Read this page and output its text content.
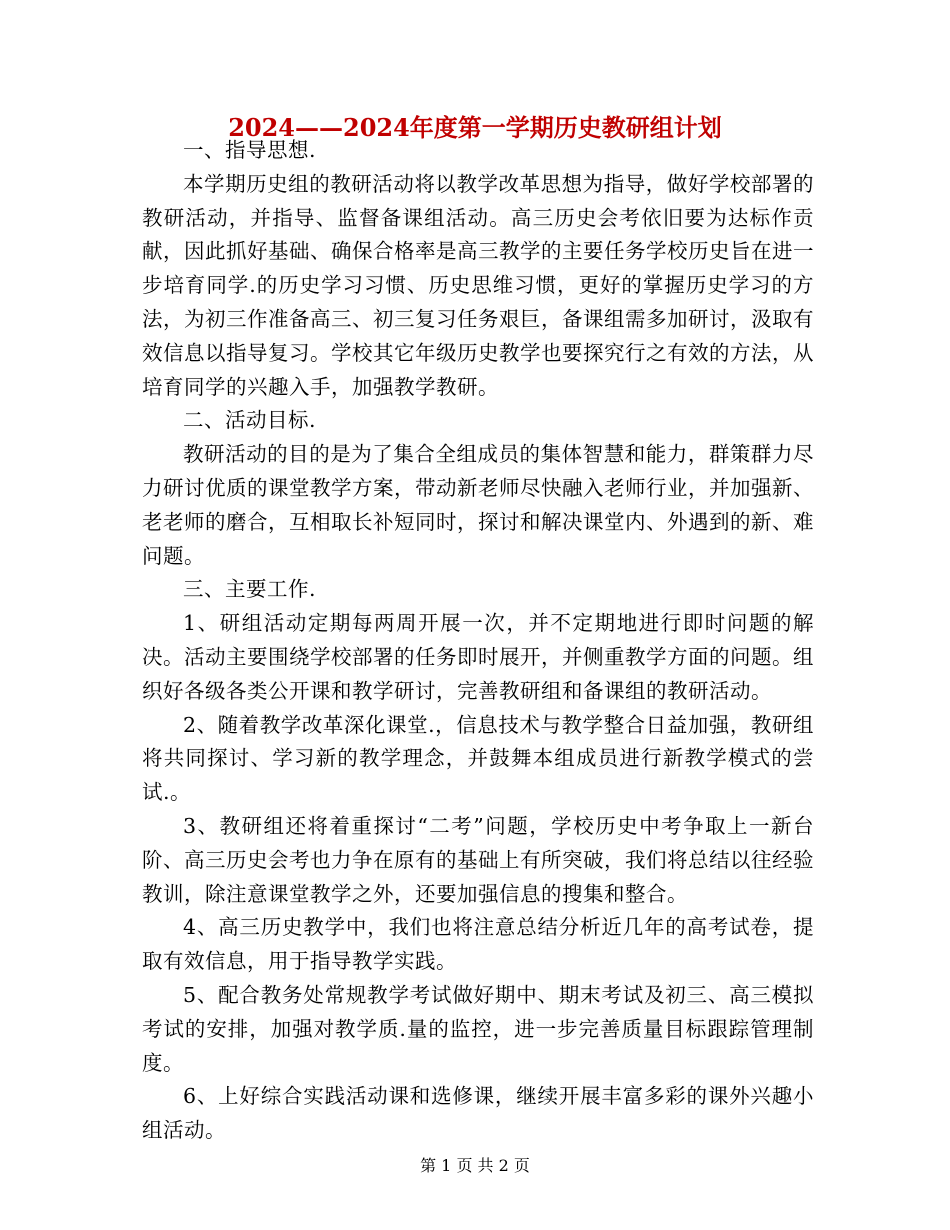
2024——2024年度第一学期历史教研组计划

一、指导思想.

本学期历史组的教研活动将以教学改革思想为指导，做好学校部署的教研活动，并指导、监督备课组活动。高三历史会考依旧要为达标作贡献，因此抓好基础、确保合格率是高三教学的主要任务学校历史旨在进一步培育同学.的历史学习习惯、历史思维习惯，更好的掌握历史学习的方法，为初三作准备高三、初三复习任务艰巨，备课组需多加研讨，汲取有效信息以指导复习。学校其它年级历史教学也要探究行之有效的方法，从培育同学的兴趣入手，加强教学教研。

二、活动目标.

教研活动的目的是为了集合全组成员的集体智慧和能力，群策群力尽力研讨优质的课堂教学方案，带动新老师尽快融入老师行业，并加强新、老老师的磨合，互相取长补短同时，探讨和解决课堂内、外遇到的新、难问题。

三、主要工作.

1、研组活动定期每两周开展一次，并不定期地进行即时问题的解决。活动主要围绕学校部署的任务即时展开，并侧重教学方面的问题。组织好各级各类公开课和教学研讨，完善教研组和备课组的教研活动。

2、随着教学改革深化课堂.，信息技术与教学整合日益加强，教研组将共同探讨、学习新的教学理念，并鼓舞本组成员进行新教学模式的尝试.。

3、教研组还将着重探讨“二考”问题，学校历史中考争取上一新台阶、高三历史会考也力争在原有的基础上有所突破，我们将总结以往经验教训，除注意课堂教学之外，还要加强信息的搜集和整合。

4、高三历史教学中，我们也将注意总结分析近几年的高考试卷，提取有效信息，用于指导教学实践。

5、配合教务处常规教学考试做好期中、期末考试及初三、高三模拟考试的安排，加强对教学质.量的监控，进一步完善质量目标跟踪管理制度。

6、上好综合实践活动课和选修课，继续开展丰富多彩的课外兴趣小组活动。

第 1 页 共 2 页
